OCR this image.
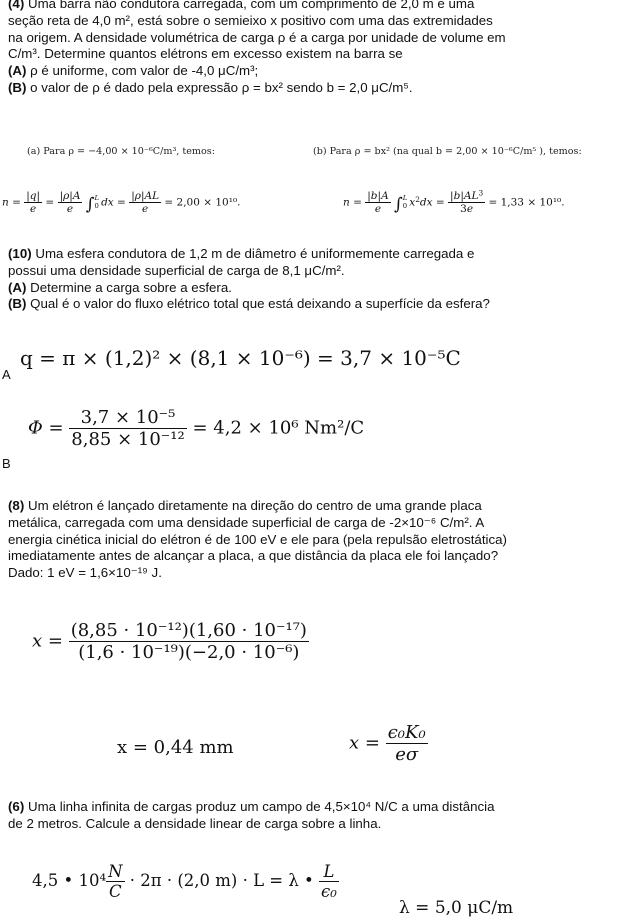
(4) Uma barra não condutora carregada, com um comprimento de 2,0 m e uma
seção reta de 4,0 m², está sobre o semieixo x positivo com uma das extremidades
na origem. A densidade volumétrica de carga ρ é a carga por unidade de volume em
C/m³. Determine quantos elétrons em excesso existem na barra se
(A) ρ é uniforme, com valor de -4,0 μC/m³;
(B) o valor de ρ é dado pela expressão ρ = bx² sendo b = 2,0 μC/m⁵.
(a) Para ρ = −4,00 × 10⁻⁶C/m³, temos:	(b) Para ρ = bx² (na qual b = 2,00 × 10⁻⁶C/m⁵ ), temos:
$n = \frac{|q|}{e} = \frac{|\rho|A}{e}$ ∫ L
0 dx = $\frac{|\rho|AL}{e} = 2,00 \times 10^{10}$.	$n = \frac{|b|A}{e}$ ∫ L
0 $x^2dx = \frac{|b|AL^3}{3e} = 1,33 \times 10^{10}$.
(10) Uma esfera condutora de 1,2 m de diâmetro é uniformemente carregada e
possui uma densidade superficial de carga de 8,1 μC/m².
(A) Determine a carga sobre a esfera.
(B) Qual é o valor do fluxo elétrico total que está deixando a superfície da esfera?
A
q = π × (1,2)² × (8,1 × 10⁻⁶) = 3,7 × 10⁻⁵C
B
$\Phi = \frac{\text{3,7 × 10⁻⁵}}{\text{8,85 × 10⁻¹²}} = 4,2 \times 10^6$ Nm²/C
(8) Um elétron é lançado diretamente na direção do centro de uma grande placa
metálica, carregada com uma densidade superficial de carga de -2×10⁻⁶ C/m². A
energia cinética inicial do elétron é de 100 eV e ele para (pela repulsão eletrostática)
imediatamente antes de alcançar a placa, a que distância da placa ele foi lançado?
Dado: 1 eV = 1,6×10⁻¹⁹ J.
$x = \frac{\text{(8,85 · 10⁻¹²)(1,60 · 10⁻¹⁷)}}{\text{(1,6 · 10⁻¹⁹)(−2,0 · 10⁻⁶)}}$
x = 0,44 mm	$x = \frac{\text{ϵ₀K₀}}{e\sigma}$
(6) Uma linha infinita de cargas produz um campo de 4,5×10⁴ N/C a uma distância
de 2 metros. Calcule a densidade linear de carga sobre a linha.
4,5 • $10^4 \frac{N}{C} \cdot 2\pi \cdot (2,0$ m) · L = λ • $\frac{L}{\text{ϵ₀}}$
λ = 5,0 μC/m
